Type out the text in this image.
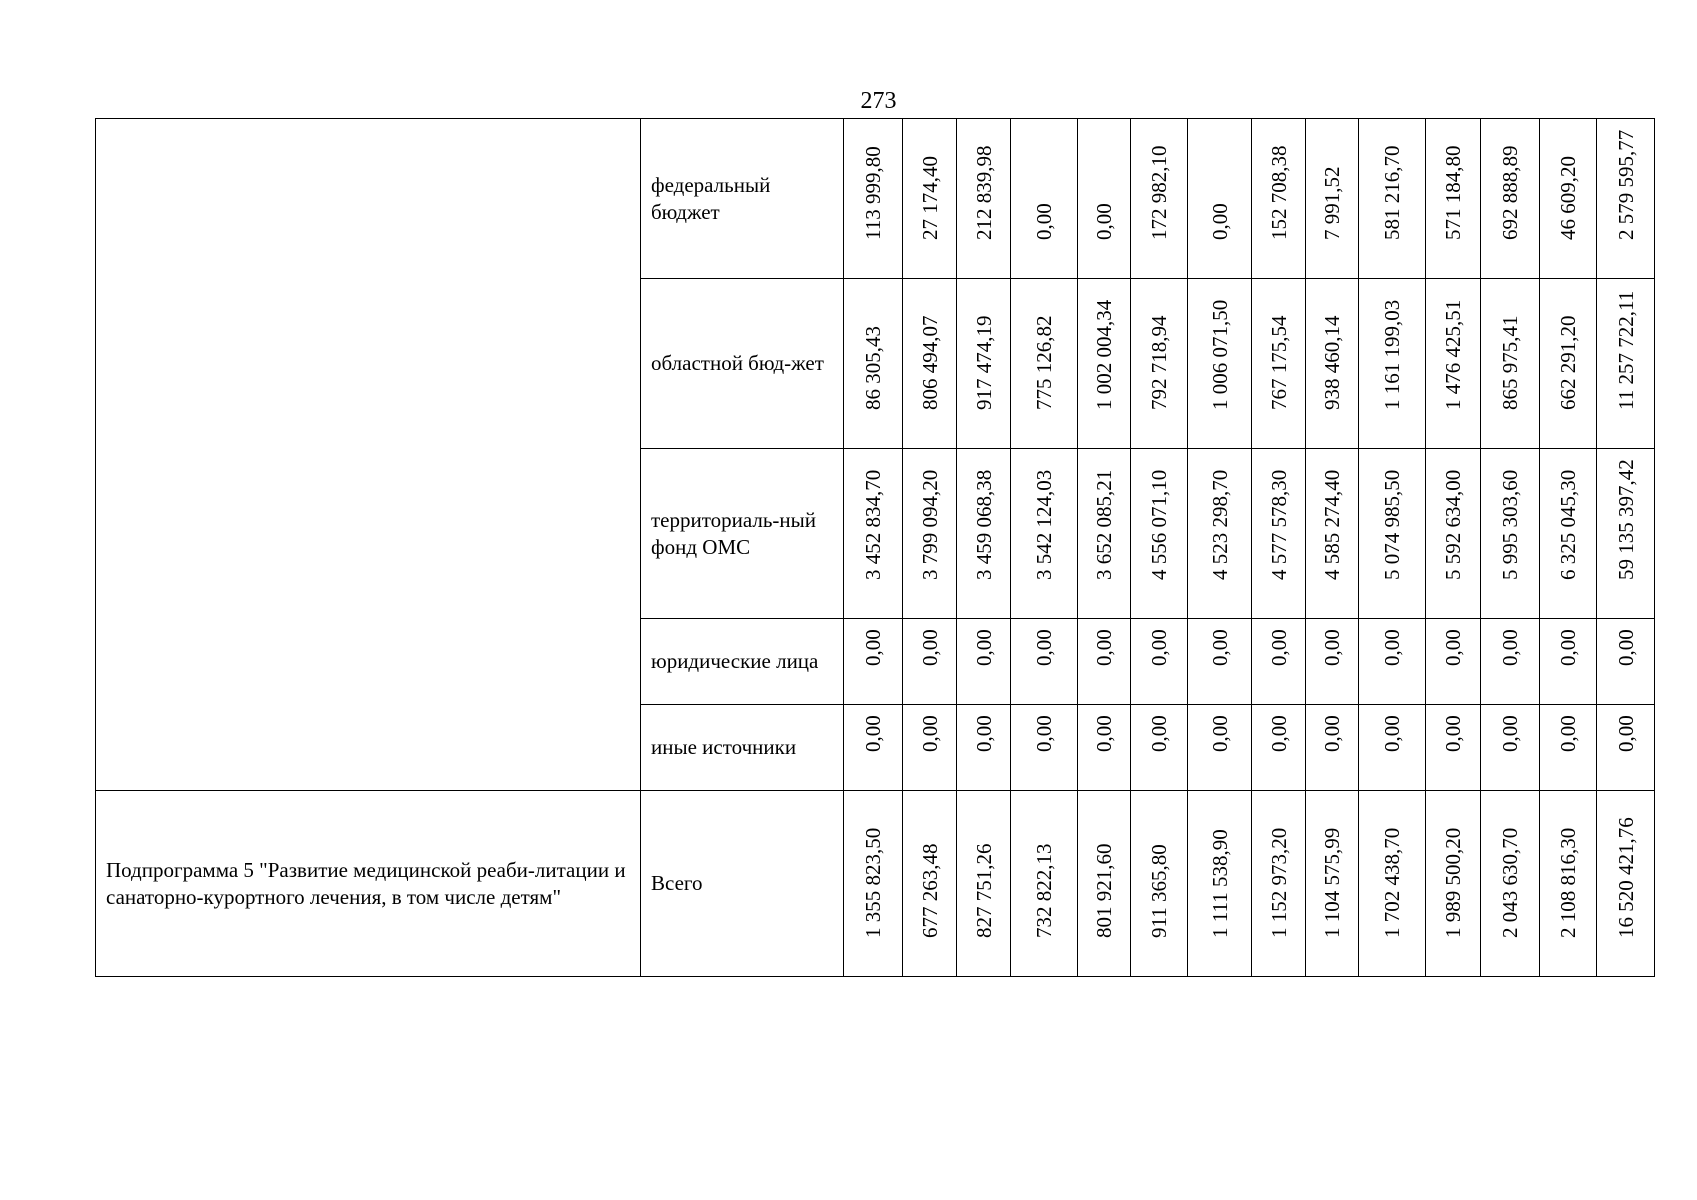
273
	федеральный бюджет	113 999,80	27 174,40	212 839,98	0,00	0,00	172 982,10	0,00	152 708,38	7 991,52	581 216,70	571 184,80	692 888,89	46 609,20	2 579 595,77

	областной бюд-жет	86 305,43	806 494,07	917 474,19	775 126,82	1 002 004,34	792 718,94	1 006 071,50	767 175,54	938 460,14	1 161 199,03	1 476 425,51	865 975,41	662 291,20	11 257 722,11

	территориаль-ный фонд ОМС	3 452 834,70	3 799 094,20	3 459 068,38	3 542 124,03	3 652 085,21	4 556 071,10	4 523 298,70	4 577 578,30	4 585 274,40	5 074 985,50	5 592 634,00	5 995 303,60	6 325 045,30	59 135 397,42

	юридические лица	0,00	0,00	0,00	0,00	0,00	0,00	0,00	0,00	0,00	0,00	0,00	0,00	0,00	0,00

	иные источники	0,00	0,00	0,00	0,00	0,00	0,00	0,00	0,00	0,00	0,00	0,00	0,00	0,00	0,00

Подпрограмма 5 "Развитие медицинской реаби-литации и санаторно-курортного лечения, в том числе детям"	Всего	1 355 823,50	677 263,48	827 751,26	732 822,13	801 921,60	911 365,80	1 111 538,90	1 152 973,20	1 104 575,99	1 702 438,70	1 989 500,20	2 043 630,70	2 108 816,30	16 520 421,76
